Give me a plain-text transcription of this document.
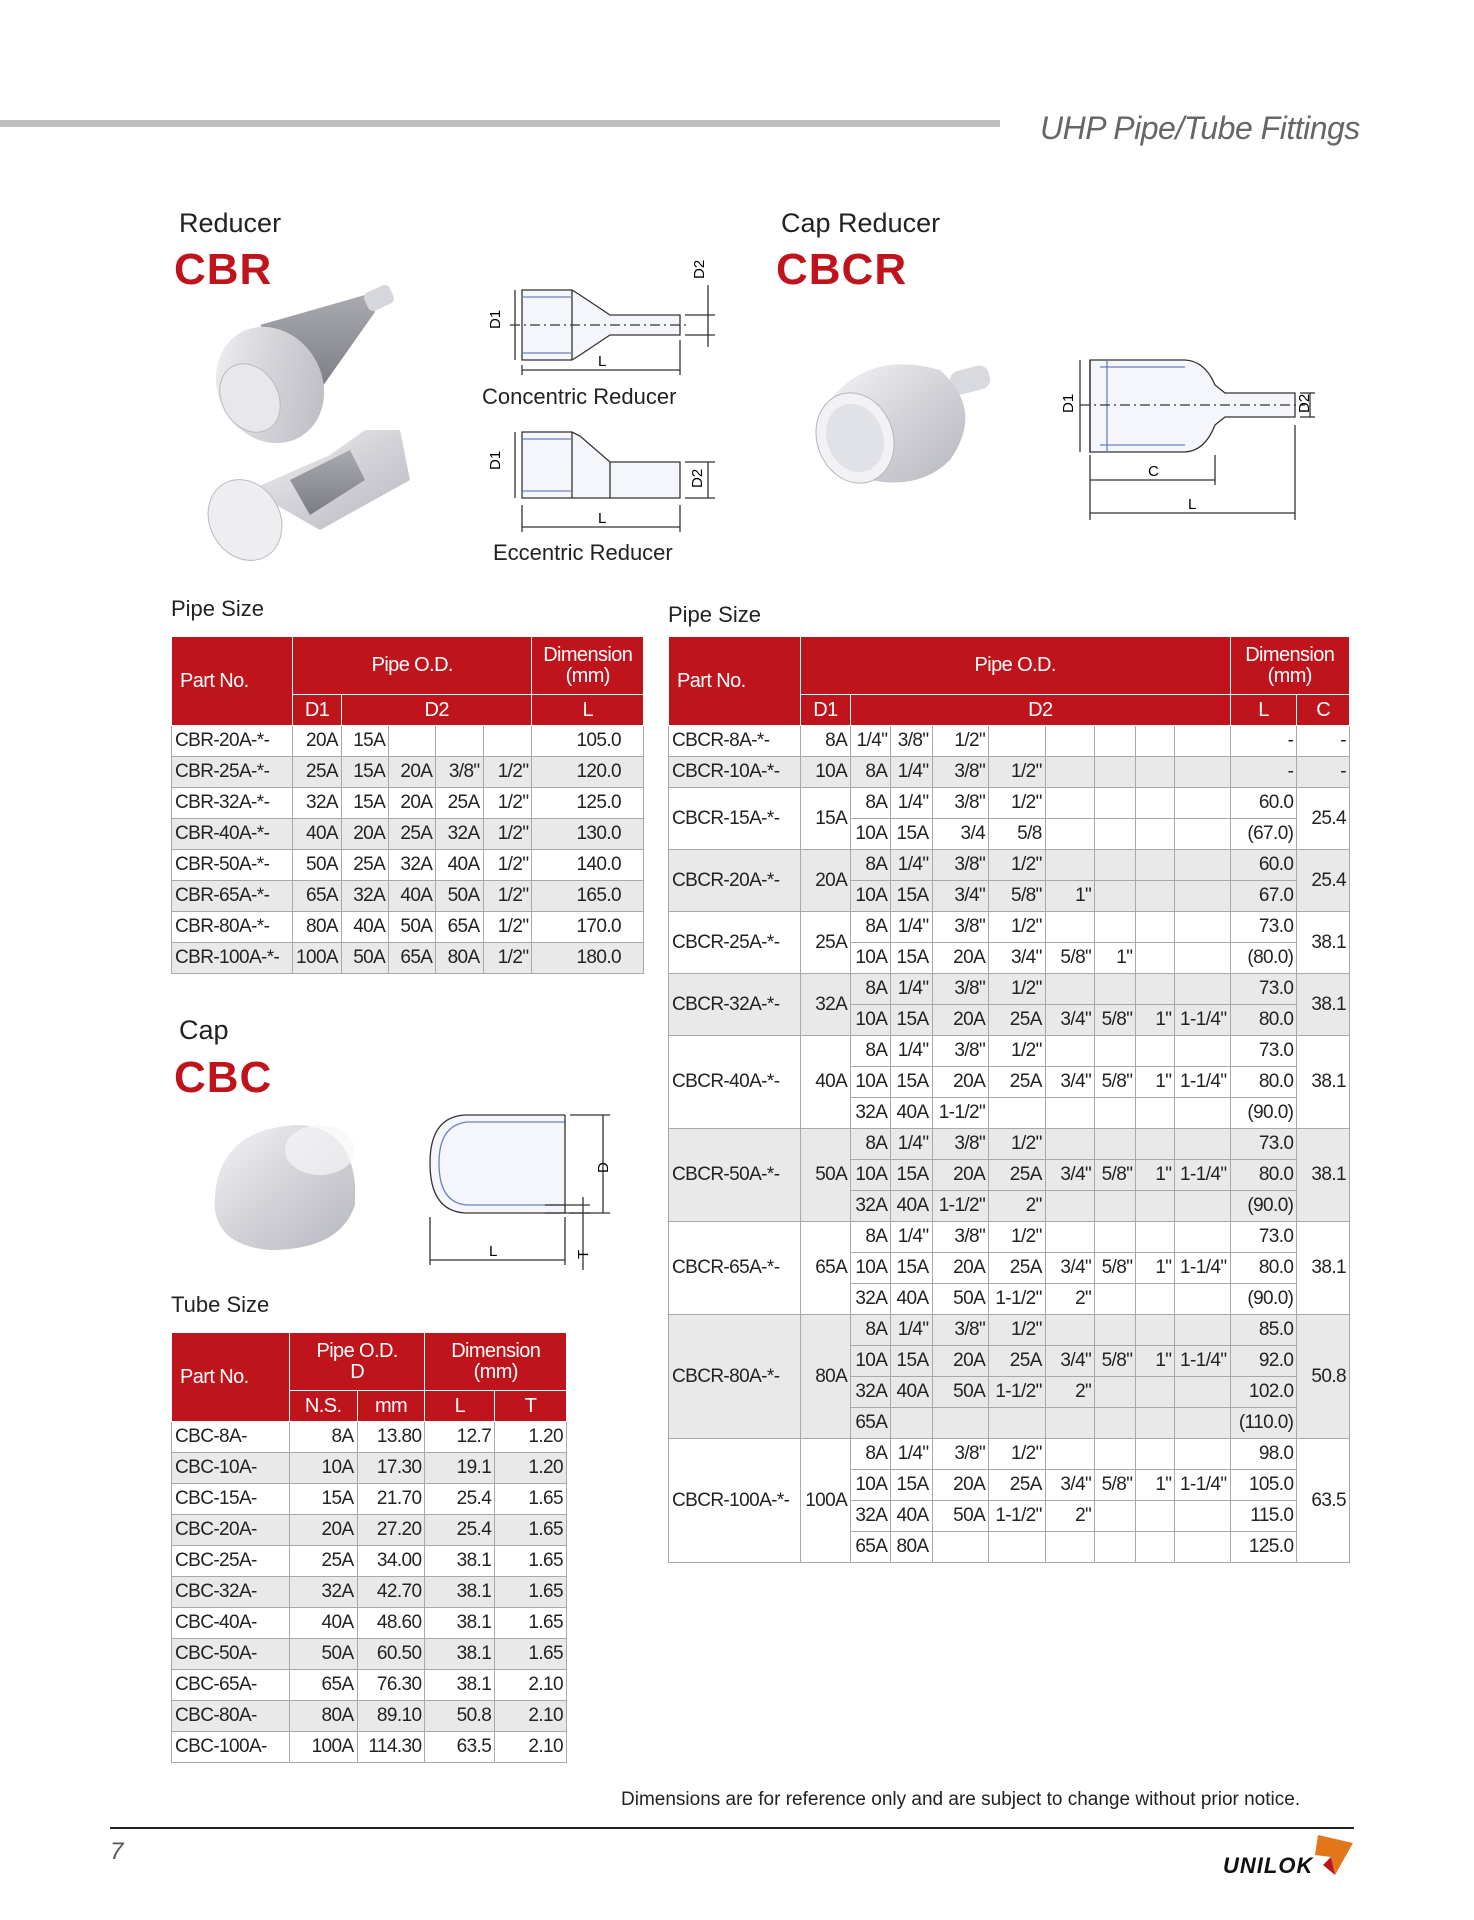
UHP Pipe/Tube Fittings
Reducer
CBR
D1
D2
L
Concentric Reducer
D1
D2
L
Eccentric Reducer
Cap Reducer
CBCR
D1	D2
C
L
Pipe Size
Part No.	Pipe O.D.					Dimension
(mm)
	D1	D2				L
CBR-20A-*-	20A	15A				105.0
CBR-25A-*-	25A	15A	20A	3/8"	1/2"	120.0
CBR-32A-*-	32A	15A	20A	25A	1/2"	125.0
CBR-40A-*-	40A	20A	25A	32A	1/2"	130.0
CBR-50A-*-	50A	25A	32A	40A	1/2"	140.0
CBR-65A-*-	65A	32A	40A	50A	1/2"	165.0
CBR-80A-*-	80A	40A	50A	65A	1/2"	170.0
CBR-100A-*-	100A	50A	65A	80A	1/2"	180.0
Cap
CBC
D
L	T
Tube Size
Part No.	Pipe O.D.
D		Dimension
(mm)	
	N.S.	mm	L	T
CBC-8A-	8A	13.80	12.7	1.20
CBC-10A-	10A	17.30	19.1	1.20
CBC-15A-	15A	21.70	25.4	1.65
CBC-20A-	20A	27.20	25.4	1.65
CBC-25A-	25A	34.00	38.1	1.65
CBC-32A-	32A	42.70	38.1	1.65
CBC-40A-	40A	48.60	38.1	1.65
CBC-50A-	50A	60.50	38.1	1.65
CBC-65A-	65A	76.30	38.1	2.10
CBC-80A-	80A	89.10	50.8	2.10
CBC-100A-	100A	114.30	63.5	2.10
Pipe Size
Part No.	Pipe O.D.									Dimension
(mm)	
	D1	D2								L	C
CBCR-8A-*-	8A	1/4"	3/8"	1/2"						-	-
CBCR-10A-*-	10A	8A	1/4"	3/8"	1/2"					-	-
CBCR-15A-*-	15A	8A	1/4"	3/8"	1/2"					60.0	25.4
		10A	15A	3/4	5/8					(67.0)	
CBCR-20A-*-	20A	8A	1/4"	3/8"	1/2"					60.0	25.4
		10A	15A	3/4"	5/8"	1"				67.0	
CBCR-25A-*-	25A	8A	1/4"	3/8"	1/2"					73.0	38.1
		10A	15A	20A	3/4"	5/8"	1"			(80.0)	
CBCR-32A-*-	32A	8A	1/4"	3/8"	1/2"					73.0	38.1
		10A	15A	20A	25A	3/4"	5/8"	1"	1-1/4"	80.0	
CBCR-40A-*-	40A	8A	1/4"	3/8"	1/2"					73.0	38.1
		10A	15A	20A	25A	3/4"	5/8"	1"	1-1/4"	80.0	
		32A	40A	1-1/2"						(90.0)	
CBCR-50A-*-	50A	8A	1/4"	3/8"	1/2"					73.0	38.1
		10A	15A	20A	25A	3/4"	5/8"	1"	1-1/4"	80.0	
		32A	40A	1-1/2"	2"					(90.0)	
CBCR-65A-*-	65A	8A	1/4"	3/8"	1/2"					73.0	38.1
		10A	15A	20A	25A	3/4"	5/8"	1"	1-1/4"	80.0	
		32A	40A	50A	1-1/2"	2"				(90.0)	
CBCR-80A-*-	80A	8A	1/4"	3/8"	1/2"					85.0	50.8
		10A	15A	20A	25A	3/4"	5/8"	1"	1-1/4"	92.0	
		32A	40A	50A	1-1/2"	2"				102.0	
		65A								(110.0)	
CBCR-100A-*-	100A	8A	1/4"	3/8"	1/2"					98.0	63.5
		10A	15A	20A	25A	3/4"	5/8"	1"	1-1/4"	105.0	
		32A	40A	50A	1-1/2"	2"				115.0	
		65A	80A							125.0	
Dimensions are for reference only and are subject to change without prior notice.
7
UNILOK
